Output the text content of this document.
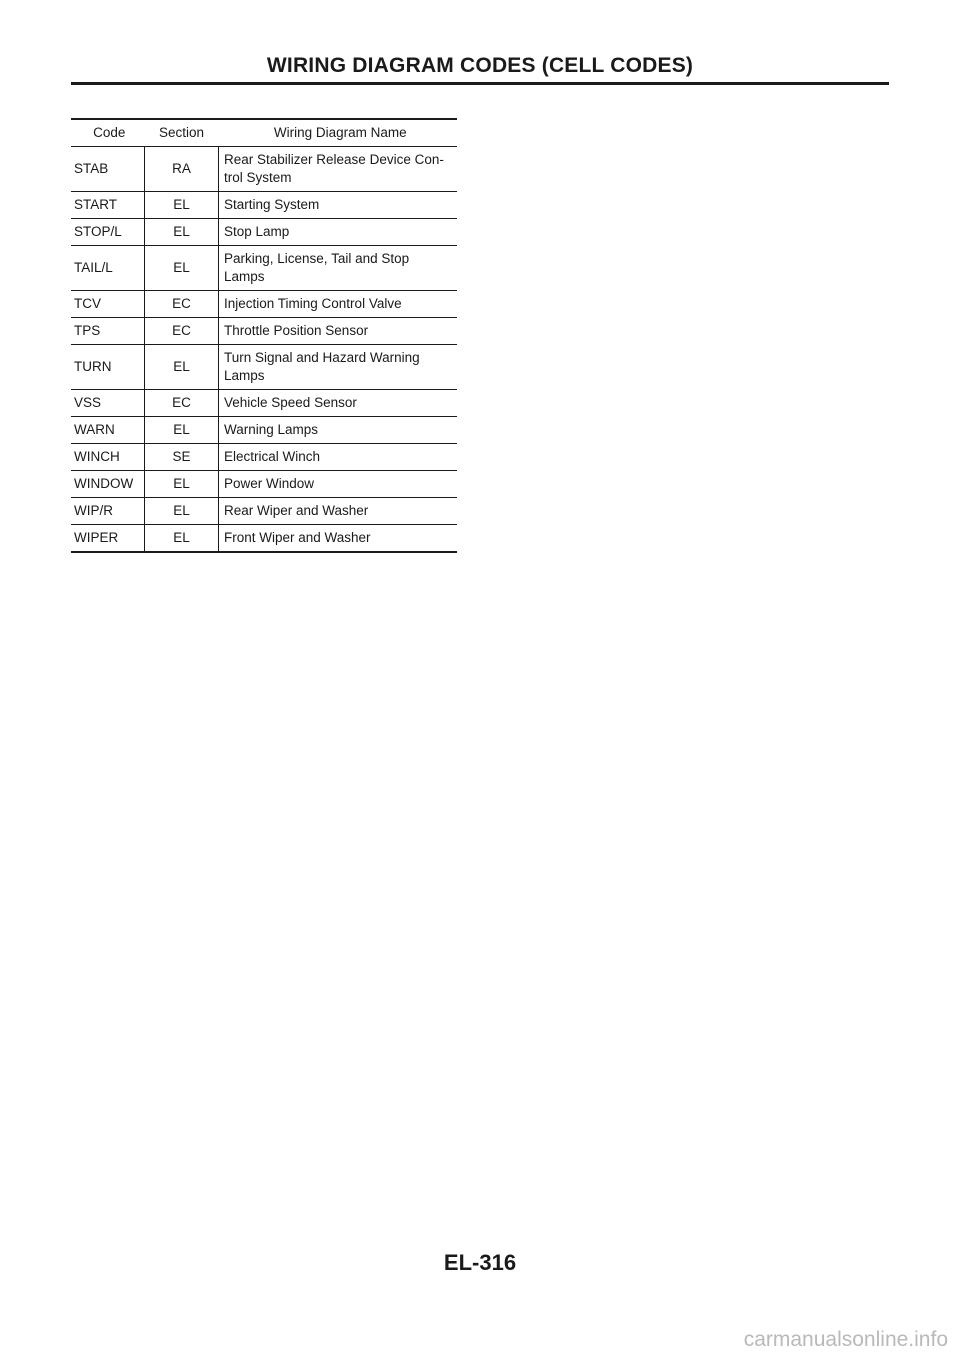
WIRING DIAGRAM CODES (CELL CODES)
Code	Section	Wiring Diagram Name
STAB	RA	Rear Stabilizer Release Device Con-
trol System
START	EL	Starting System
STOP/L	EL	Stop Lamp
TAIL/L	EL	Parking, License, Tail and Stop
Lamps
TCV	EC	Injection Timing Control Valve
TPS	EC	Throttle Position Sensor
TURN	EL	Turn Signal and Hazard Warning
Lamps
VSS	EC	Vehicle Speed Sensor
WARN	EL	Warning Lamps
WINCH	SE	Electrical Winch
WINDOW	EL	Power Window
WIP/R	EL	Rear Wiper and Washer
WIPER	EL	Front Wiper and Washer

EL-316

carmanualsonline.info
